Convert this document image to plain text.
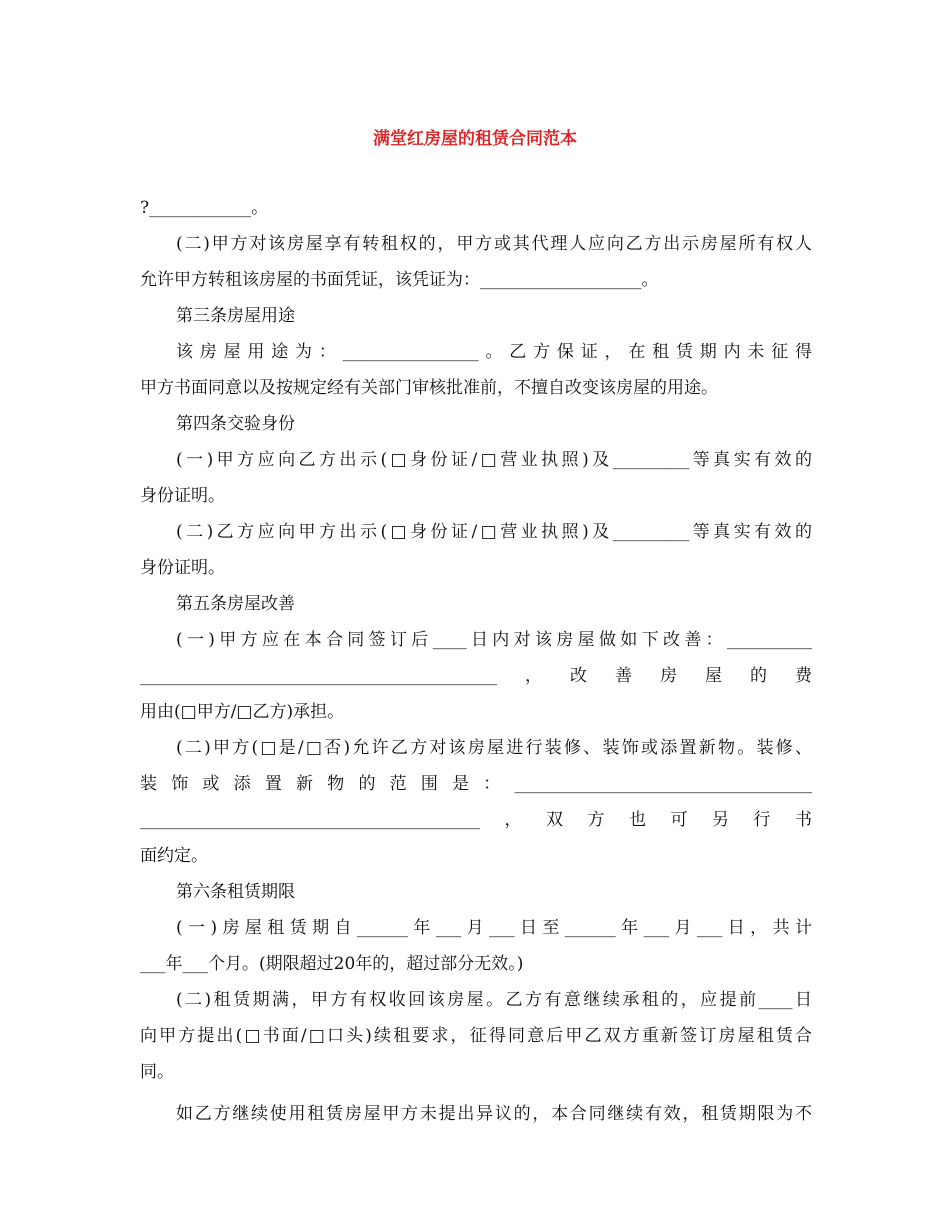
满堂红房屋的租赁合同范本
?____________。
(二)甲方对该房屋享有转租权的，甲方或其代理人应向乙方出示房屋所有权人
允许甲方转租该房屋的书面凭证，该凭证为：___________________。
第三条房屋用途
该房屋用途为：________________。乙方保证，在租赁期内未征得
甲方书面同意以及按规定经有关部门审核批准前，不擅自改变该房屋的用途。
第四条交验身份
(一)甲方应向乙方出示(□身份证/□营业执照)及_________等真实有效的
身份证明。
(二)乙方应向甲方出示(□身份证/□营业执照)及_________等真实有效的
身份证明。
第五条房屋改善
(一)甲方应在本合同签订后____日内对该房屋做如下改善：__________
__________________________________________，改善房屋的费
用由(□甲方/□乙方)承担。
(二)甲方(□是/□否)允许乙方对该房屋进行装修、装饰或添置新物。装修、
装饰或添置新物的范围是：___________________________________
________________________________________，双方也可另行书
面约定。
第六条租赁期限
(一)房屋租赁期自______年___月___日至______年___月___日，共计
___年___个月。(期限超过20年的，超过部分无效。)
(二)租赁期满，甲方有权收回该房屋。乙方有意继续承租的，应提前____日
向甲方提出(□书面/□口头)续租要求，征得同意后甲乙双方重新签订房屋租赁合
同。
如乙方继续使用租赁房屋甲方未提出异议的，本合同继续有效，租赁期限为不
